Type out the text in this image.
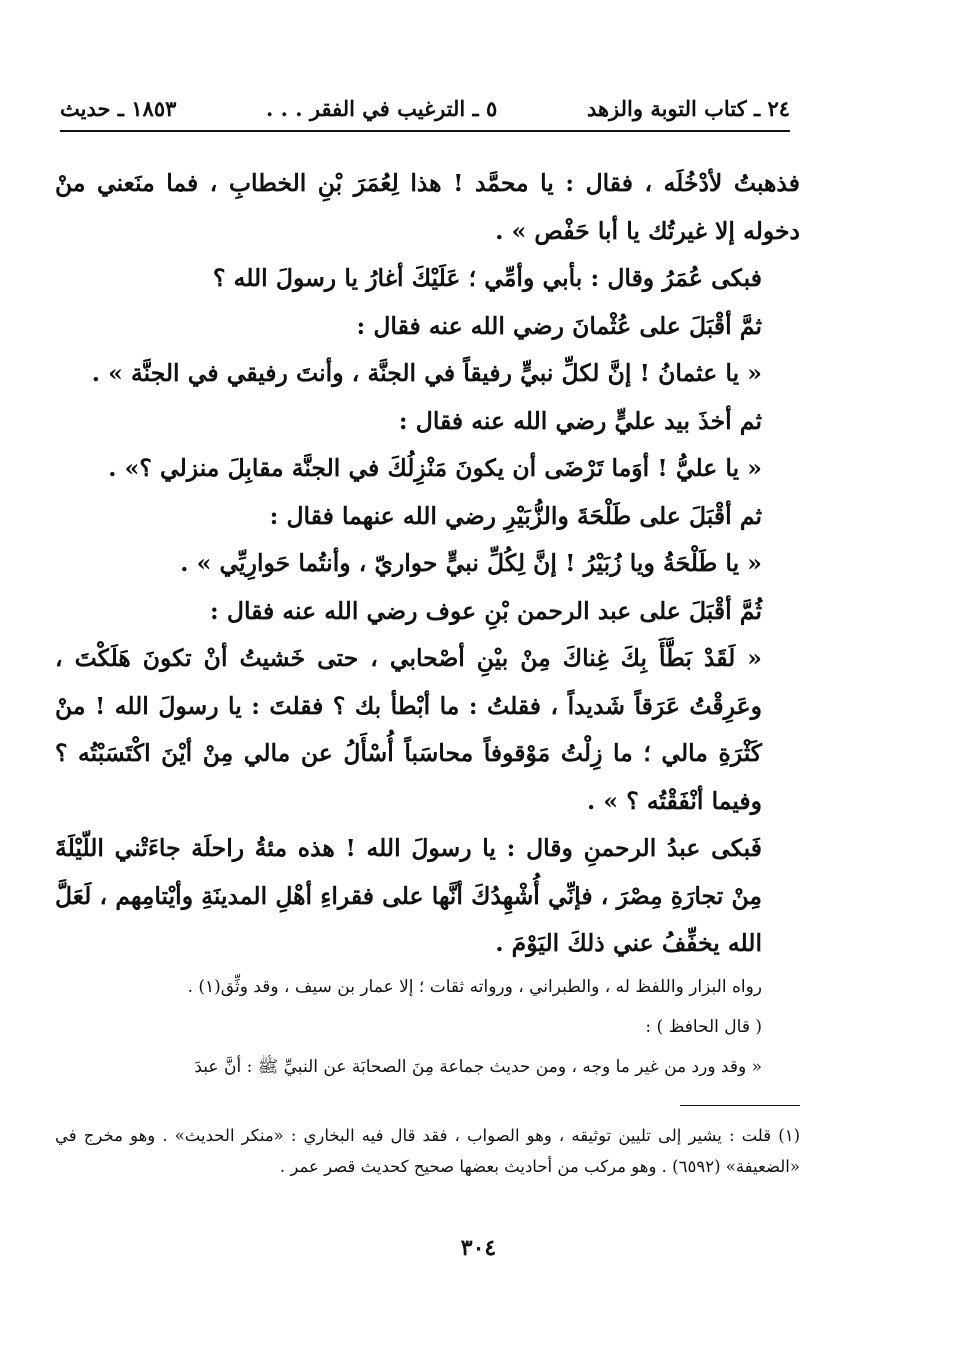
٢٤ ـ كتاب التوبة والزهد
٥ ـ الترغيب في الفقر . . .
١٨٥٣ ـ حديث

فذهبتُ لأدْخُلَه ، فقال : يا محمَّد ! هذا لِعُمَرَ بْنِ الخطابِ ، فما منَعني منْ دخوله إلا غيرتُك يا أبا حَفْص » .

فبكى عُمَرُ وقال : بأبي وأمِّي ؛ عَلَيْكَ أغارُ يا رسولَ الله ؟

ثمَّ أقْبَلَ على عُثْمانَ رضي الله عنه فقال :

« يا عثمانُ ! إنَّ لكلِّ نبيٍّ رفيقاً في الجنَّة ، وأنتَ رفيقي في الجنَّة » .

ثم أخذَ بيد عليٍّ رضي الله عنه فقال :

« يا عليُّ ! أوَما تَرْضَى أن يكونَ مَنْزِلُكَ في الجنَّة مقابِلَ منزلي ؟» .

ثم أقْبَلَ على طَلْحَةَ والزُّبَيْرِ رضي الله عنهما فقال :

« يا طَلْحَةُ ويا زُبَيْرُ ! إنَّ لِكُلِّ نبيٍّ حواريّ ، وأنتُما حَوارِيِّي » .

ثُمَّ أقْبَلَ على عبد الرحمن بْنِ عوف رضي الله عنه فقال :

« لَقَدْ بَطَّأَ بِكَ غِناكَ مِنْ بيْنِ أصْحابي ، حتى خَشيتُ أنْ تكونَ هَلَكْتَ ، وعَرِقْتُ عَرَقاً شَديداً ، فقلتُ : ما أبْطأ بك ؟ فقلتَ : يا رسولَ الله ! منْ كَثْرَةِ مالي ؛ ما زِلْتُ مَوْقوفاً محاسَباً أُسْأَلُ عن مالي مِنْ أيْنَ اكْتَسَبْتُه ؟ وفيما أنْفَقْتُه ؟ » .

فَبكى عبدُ الرحمنِ وقال : يا رسولَ الله ! هذه مئةُ راحلَة جاءَتْني اللّيْلَةَ مِنْ تجارَةِ مِصْرَ ، فإنِّي أُشْهِدُكَ أنَّها على فقراءِ أهْلِ المدينَةِ وأيْتامِهم ، لَعَلَّ الله يخفِّفُ عني ذلكَ اليَوْمَ .

رواه البزار واللفظ له ، والطبراني ، ورواته ثقات ؛ إلا عمار بن سيف ، وقد وثِّق(١) .

( قال الحافظ ) :

« وقد ورد من غير ما وجه ، ومن حديث جماعة مِنَ الصحابَة عن النبيِّ ﷺ : أنَّ عبدَ

(١) قلت : يشير إلى تليين توثيقه ، وهو الصواب ، فقد قال فيه البخاري : «منكر الحديث» . وهو مخرج في «الضعيفة» (٦٥٩٢) . وهو مركب من أحاديث بعضها صحيح كحديث قصر عمر .

٣٠٤
